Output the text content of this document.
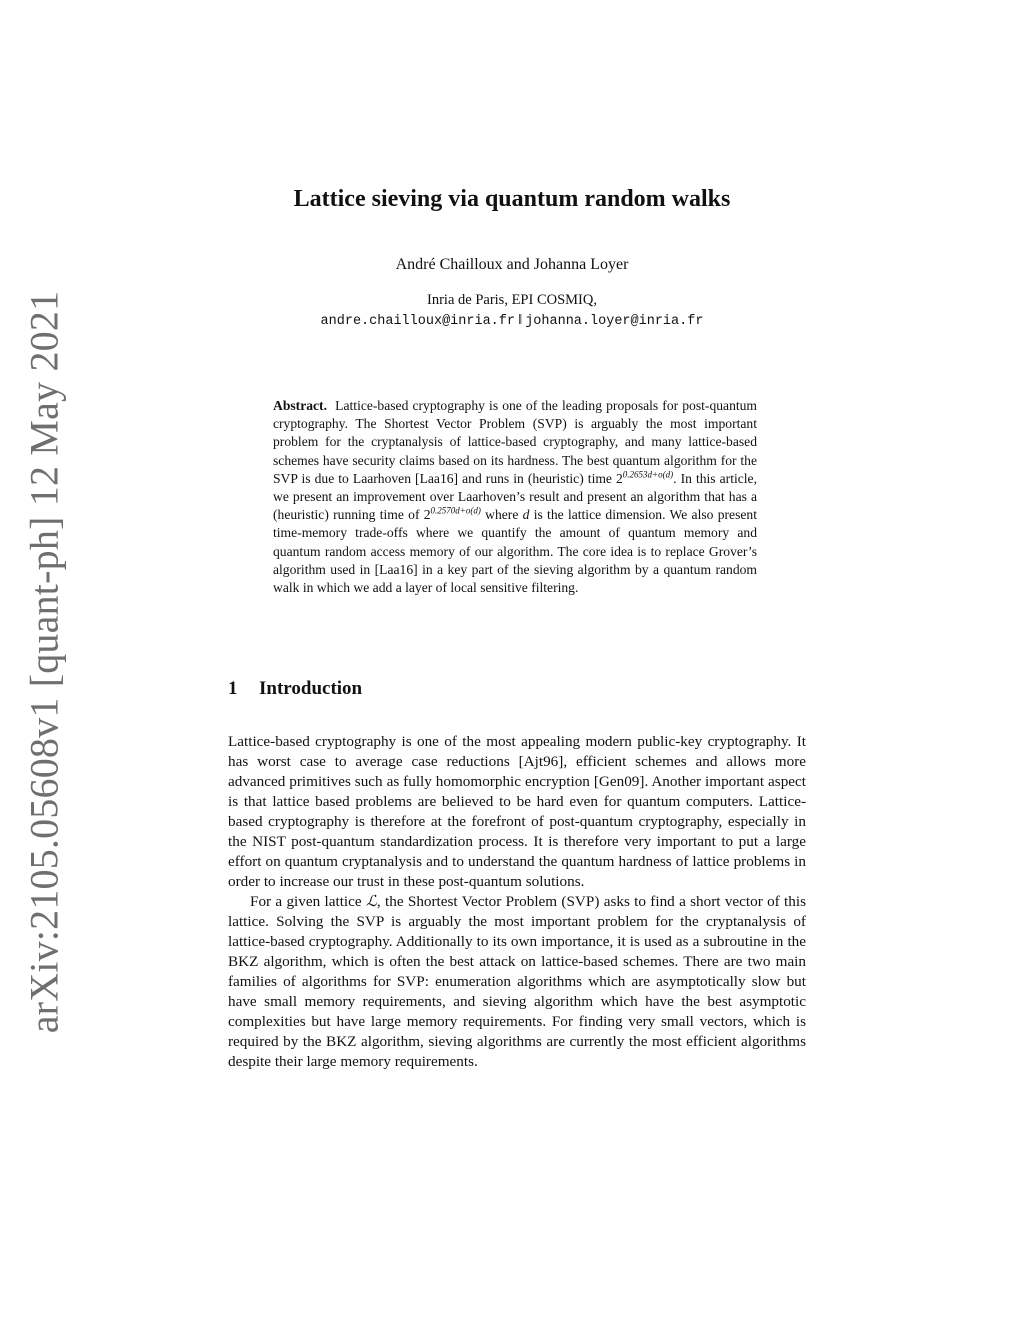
arXiv:2105.05608v1 [quant-ph] 12 May 2021
Lattice sieving via quantum random walks
André Chailloux and Johanna Loyer
Inria de Paris, EPI COSMIQ,
andre.chailloux@inria.fr ‖ johanna.loyer@inria.fr
Abstract. Lattice-based cryptography is one of the leading proposals for post-quantum cryptography. The Shortest Vector Problem (SVP) is arguably the most important problem for the cryptanalysis of lattice-based cryptography, and many lattice-based schemes have security claims based on its hardness. The best quantum algorithm for the SVP is due to Laarhoven [Laa16] and runs in (heuristic) time $2^{0.2653d+o(d)}$. In this article, we present an improvement over Laarhoven’s result and present an algorithm that has a (heuristic) running time of $2^{0.2570d+o(d)}$ where d is the lattice dimension. We also present time-memory trade-offs where we quantify the amount of quantum memory and quantum random access memory of our algorithm. The core idea is to replace Grover’s algorithm used in [Laa16] in a key part of the sieving algorithm by a quantum random walk in which we add a layer of local sensitive filtering.
1 Introduction

Lattice-based cryptography is one of the most appealing modern public-key cryptography. It has worst case to average case reductions [Ajt96], efficient schemes and allows more advanced primitives such as fully homomorphic encryption [Gen09]. Another important aspect is that lattice based problems are believed to be hard even for quantum computers. Lattice-based cryptography is therefore at the forefront of post-quantum cryptography, especially in the NIST post-quantum standardization process. It is therefore very important to put a large effort on quantum cryptanalysis and to understand the quantum hardness of lattice problems in order to increase our trust in these post-quantum solutions.

For a given lattice ℒ, the Shortest Vector Problem (SVP) asks to find a short vector of this lattice. Solving the SVP is arguably the most important problem for the cryptanalysis of lattice-based cryptography. Additionally to its own importance, it is used as a subroutine in the BKZ algorithm, which is often the best attack on lattice-based schemes. There are two main families of algorithms for SVP: enumeration algorithms which are asymptotically slow but have small memory requirements, and sieving algorithm which have the best asymptotic complexities but have large memory requirements. For finding very small vectors, which is required by the BKZ algorithm, sieving algorithms are currently the most efficient algorithms despite their large memory requirements.
